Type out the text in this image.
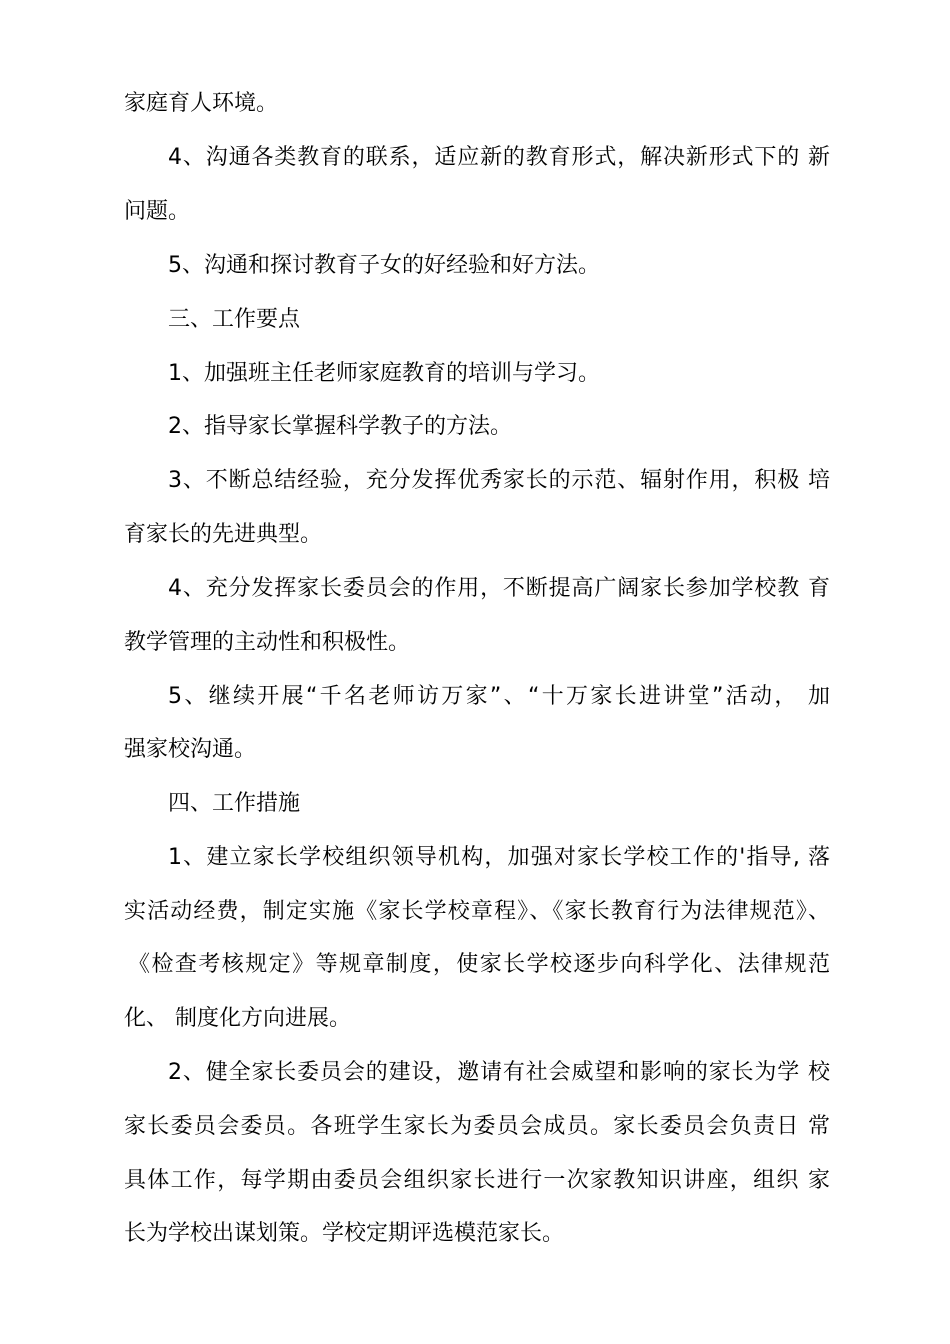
家庭育人环境。
4、沟通各类教育的联系，适应新的教育形式，解决新形式下的 新
问题。
5、沟通和探讨教育子女的好经验和好方法。
三、工作要点
1、加强班主任老师家庭教育的培训与学习。
2、指导家长掌握科学教子的方法。
3、不断总结经验，充分发挥优秀家长的示范、辐射作用，积极 培
育家长的先进典型。
4、充分发挥家长委员会的作用，不断提高广阔家长参加学校教 育
教学管理的主动性和积极性。
5、继续开展“千名老师访万家”、“十万家长进讲堂”活动， 加
强家校沟通。
四、工作措施
1、建立家长学校组织领导机构，加强对家长学校工作的'指导, 落
实活动经费，制定实施《家长学校章程》、《家长教育行为法律规范》、
《检查考核规定》等规章制度，使家长学校逐步向科学化、法律规范
化、 制度化方向进展。
2、健全家长委员会的建设，邀请有社会威望和影响的家长为学 校
家长委员会委员。各班学生家长为委员会成员。家长委员会负责日 常
具体工作，每学期由委员会组织家长进行一次家教知识讲座，组织 家
长为学校出谋划策。学校定期评选模范家长。
